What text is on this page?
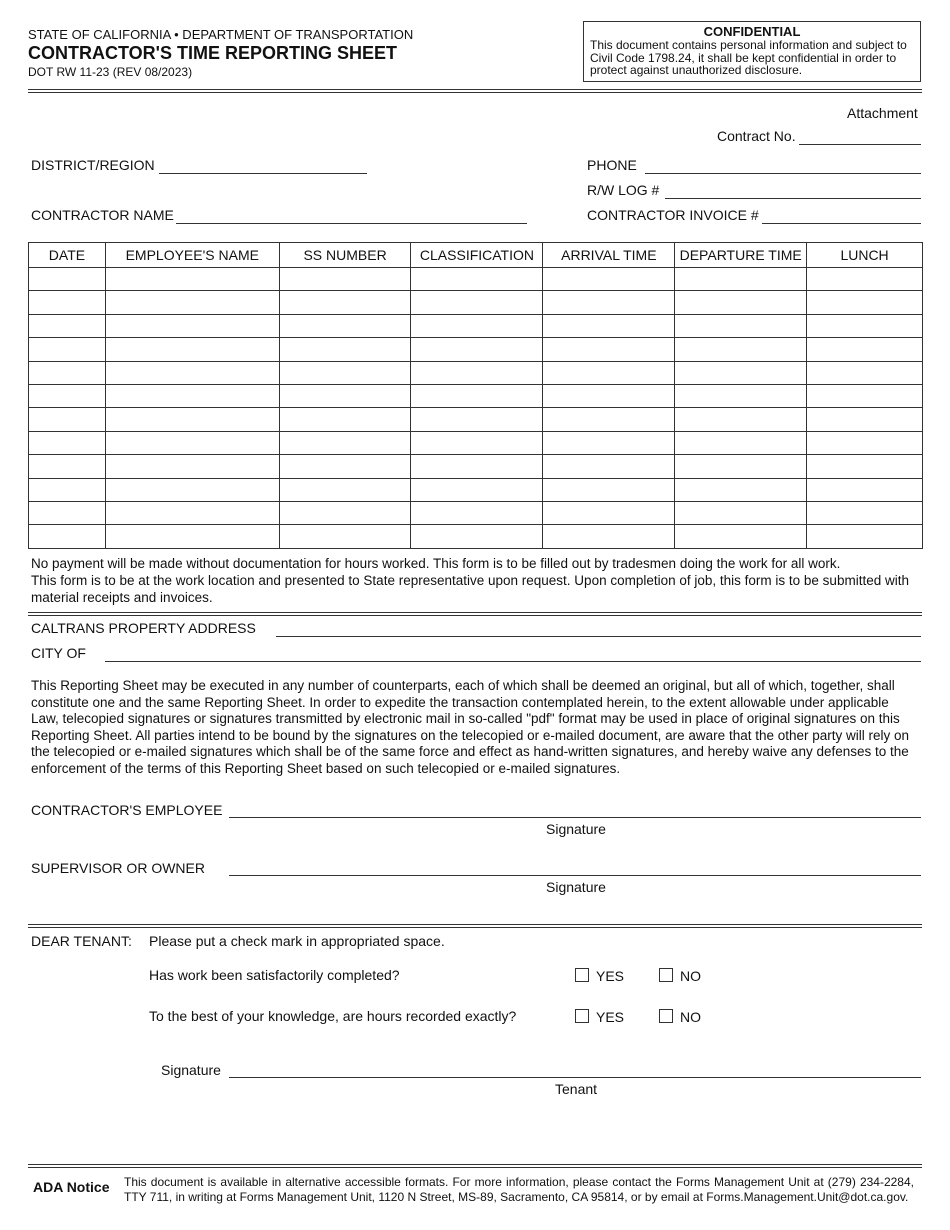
STATE OF CALIFORNIA • DEPARTMENT OF TRANSPORTATION
CONTRACTOR'S TIME REPORTING SHEET
DOT RW 11-23 (REV 08/2023)
CONFIDENTIAL
This document contains personal information and subject to Civil Code 1798.24, it shall be kept confidential in order to protect against unauthorized disclosure.
Attachment
Contract No.
DISTRICT/REGION	PHONE
R/W LOG #
CONTRACTOR NAME	CONTRACTOR INVOICE #
DATE	EMPLOYEE'S NAME	SS NUMBER	CLASSIFICATION	ARRIVAL TIME	DEPARTURE TIME	LUNCH

No payment will be made without documentation for hours worked. This form is to be filled out by tradesmen doing the work for all work.
This form is to be at the work location and presented to State representative upon request. Upon completion of job, this form is to be submitted with material receipts and invoices.
CALTRANS PROPERTY ADDRESS
CITY OF
This Reporting Sheet may be executed in any number of counterparts, each of which shall be deemed an original, but all of which, together, shall constitute one and the same Reporting Sheet. In order to expedite the transaction contemplated herein, to the extent allowable under applicable Law, telecopied signatures or signatures transmitted by electronic mail in so-called "pdf" format may be used in place of original signatures on this Reporting Sheet. All parties intend to be bound by the signatures on the telecopied or e-mailed document, are aware that the other party will rely on the telecopied or e-mailed signatures which shall be of the same force and effect as hand-written signatures, and hereby waive any defenses to the enforcement of the terms of this Reporting Sheet based on such telecopied or e-mailed signatures.
CONTRACTOR'S EMPLOYEE
Signature
SUPERVISOR OR OWNER
Signature
DEAR TENANT: Please put a check mark in appropriated space.
Has work been satisfactorily completed?	YES	NO
To the best of your knowledge, are hours recorded exactly?	YES	NO
Signature
Tenant
ADA Notice This document is available in alternative accessible formats. For more information, please contact the Forms Management Unit at (279) 234-2284, TTY 711, in writing at Forms Management Unit, 1120 N Street, MS-89, Sacramento, CA 95814, or by email at Forms.Management.Unit@dot.ca.gov.
